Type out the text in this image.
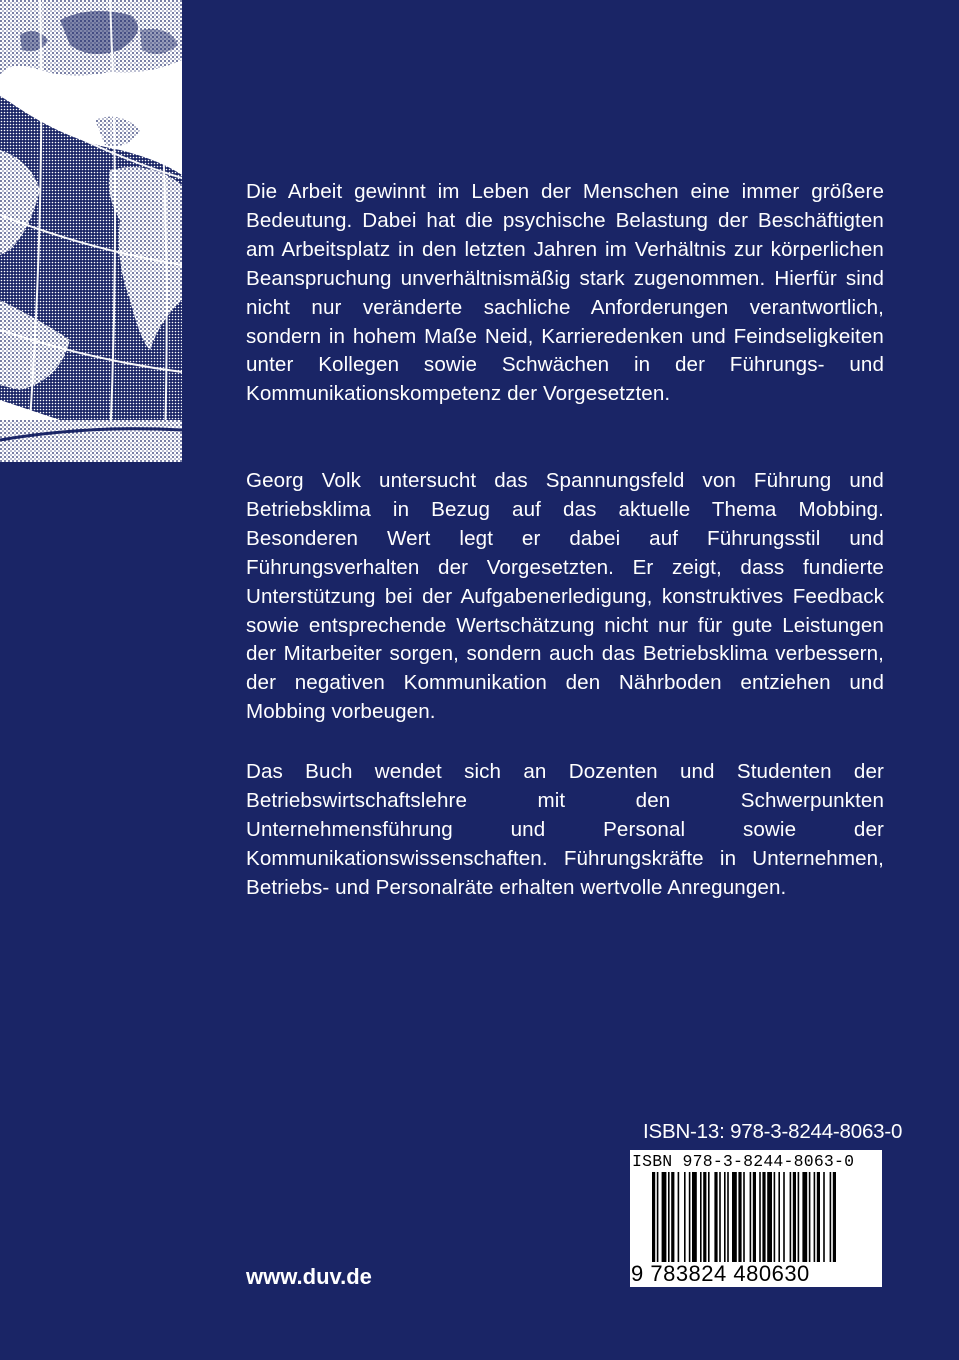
Die Arbeit gewinnt im Leben der Menschen eine immer größere Bedeutung. Dabei hat die psychische Belastung der Beschäftigten am Arbeitsplatz in den letzten Jahren im Verhältnis zur körperlichen Beanspruchung unverhältnismäßig stark zugenommen. Hierfür sind nicht nur veränderte sachliche Anforderungen verantwortlich, sondern in hohem Maße Neid, Karrieredenken und Feindseligkeiten unter Kollegen sowie Schwächen in der Führungs- und Kommunikationskompetenz der Vorgesetzten.

Georg Volk untersucht das Spannungsfeld von Führung und Betriebsklima in Bezug auf das aktuelle Thema Mobbing. Besonderen Wert legt er dabei auf Führungsstil und Führungsverhalten der Vorgesetzten. Er zeigt, dass fundierte Unterstützung bei der Aufgabenerledigung, konstruktives Feedback sowie entsprechende Wertschätzung nicht nur für gute Leistungen der Mitarbeiter sorgen, sondern auch das Betriebsklima verbessern, der negativen Kommunikation den Nährboden entziehen und Mobbing vorbeugen.

Das Buch wendet sich an Dozenten und Studenten der Betriebswirtschaftslehre mit den Schwerpunkten Unternehmensführung und Personal sowie der Kommunikationswissenschaften. Führungskräfte in Unternehmen, Betriebs- und Personalräte erhalten wertvolle Anregungen.

ISBN-13: 978-3-8244-8063-0
ISBN 978-3-8244-8063-0
9 783824 480630
www.duv.de
